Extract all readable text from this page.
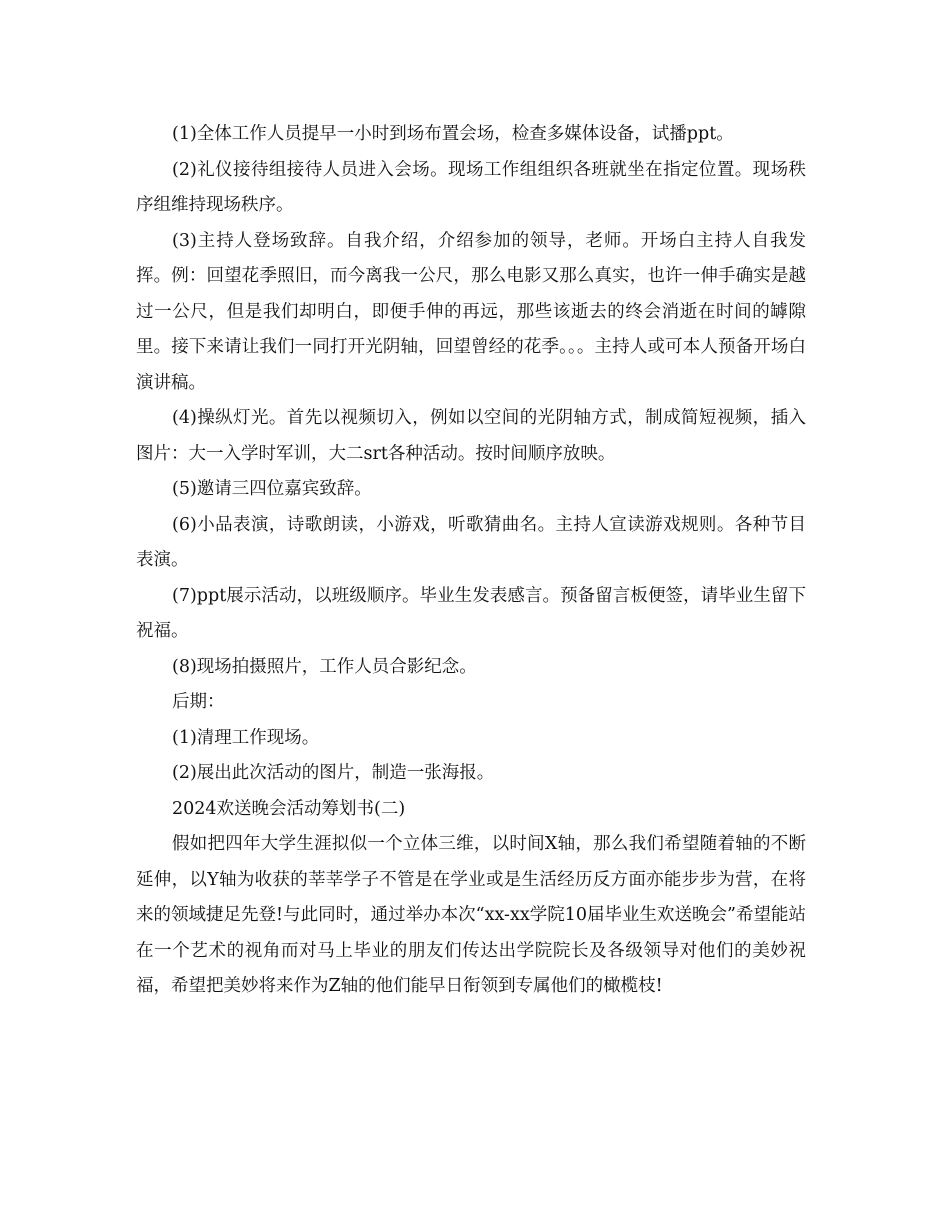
(1)全体工作人员提早一小时到场布置会场，检查多媒体设备，试播ppt。

(2)礼仪接待组接待人员进入会场。现场工作组组织各班就坐在指定位置。现场秩序组维持现场秩序。

(3)主持人登场致辞。自我介绍，介绍参加的领导，老师。开场白主持人自我发挥。例：回望花季照旧，而今离我一公尺，那么电影又那么真实，也许一伸手确实是越过一公尺，但是我们却明白，即便手伸的再远，那些该逝去的终会消逝在时间的罅隙里。接下来请让我们一同打开光阴轴，回望曾经的花季。。。主持人或可本人预备开场白演讲稿。

(4)操纵灯光。首先以视频切入，例如以空间的光阴轴方式，制成简短视频，插入图片：大一入学时军训，大二srt各种活动。按时间顺序放映。

(5)邀请三四位嘉宾致辞。

(6)小品表演，诗歌朗读，小游戏，听歌猜曲名。主持人宣读游戏规则。各种节目表演。

(7)ppt展示活动，以班级顺序。毕业生发表感言。预备留言板便签，请毕业生留下祝福。

(8)现场拍摄照片，工作人员合影纪念。

后期：

(1)清理工作现场。

(2)展出此次活动的图片，制造一张海报。

2024欢送晚会活动筹划书(二)

假如把四年大学生涯拟似一个立体三维，以时间X轴，那么我们希望随着轴的不断延伸，以Y轴为收获的莘莘学子不管是在学业或是生活经历反方面亦能步步为营，在将来的领域捷足先登!与此同时，通过举办本次“xx-xx学院10届毕业生欢送晚会”希望能站在一个艺术的视角而对马上毕业的朋友们传达出学院院长及各级领导对他们的美妙祝福，希望把美妙将来作为Z轴的他们能早日衔领到专属他们的橄榄枝!
